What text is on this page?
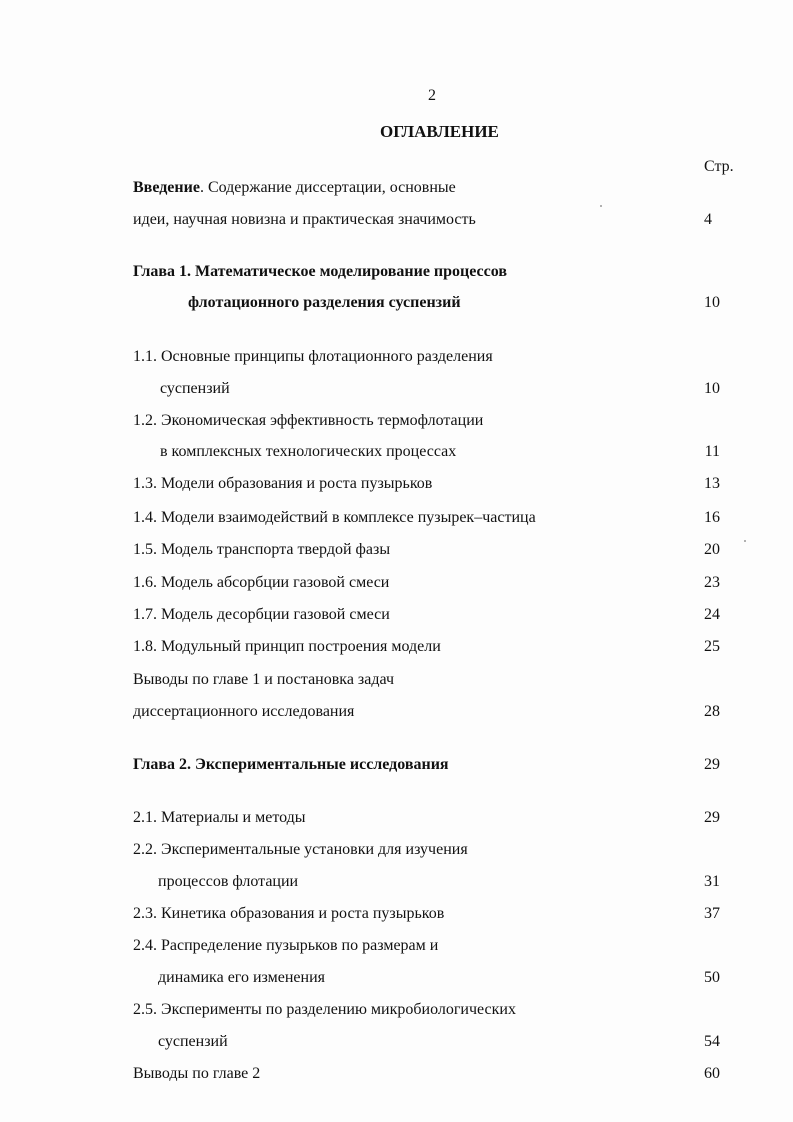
2
ОГЛАВЛЕНИЕ
Стр.
Введение. Содержание диссертации, основные
идеи, научная новизна и практическая значимость	4
Глава 1. Математическое моделирование процессов
флотационного разделения суспензий	10
1.1. Основные принципы флотационного разделения
суспензий	10
1.2. Экономическая эффективность термофлотации
в комплексных технологических процессах	11
1.3. Модели образования и роста пузырьков	13
1.4. Модели взаимодействий в комплексе пузырек–частица	16
1.5. Модель транспорта твердой фазы	20
1.6. Модель абсорбции газовой смеси	23
1.7. Модель десорбции газовой смеси	24
1.8. Модульный принцип построения модели	25
Выводы по главе 1 и постановка задач
диссертационного исследования	28
Глава 2. Экспериментальные исследования	29
2.1. Материалы и методы	29
2.2. Экспериментальные установки для изучения
процессов флотации	31
2.3. Кинетика образования и роста пузырьков	37
2.4. Распределение пузырьков по размерам и
динамика его изменения	50
2.5. Эксперименты по разделению микробиологических
суспензий	54
Выводы по главе 2	60
